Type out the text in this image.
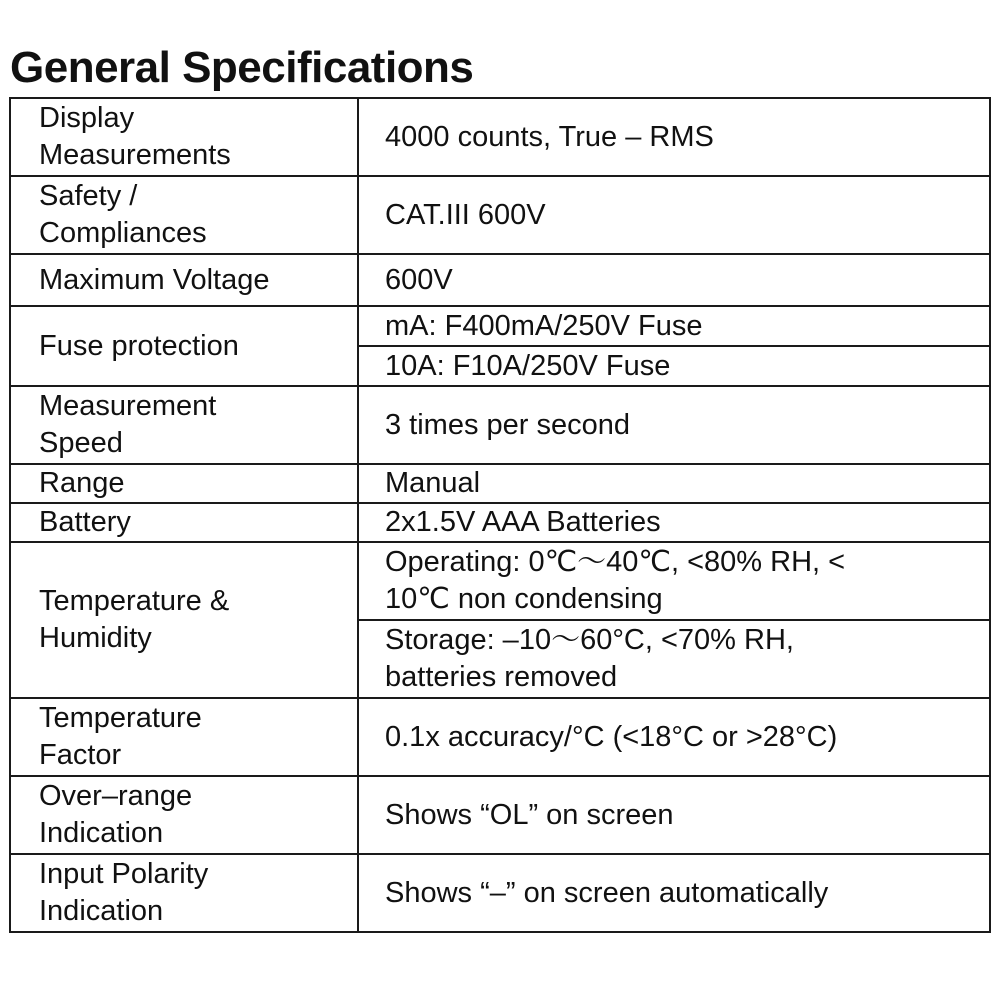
General Specifications
Display
Measurements	4000 counts, True – RMS
Safety /
Compliances	CAT.III 600V
Maximum Voltage	600V
Fuse protection	mA: F400mA/250V Fuse
	10A: F10A/250V Fuse
Measurement
Speed	3 times per second
Range	Manual
Battery	2x1.5V AAA Batteries
Temperature &
Humidity	Operating: 0℃～40℃, <80% RH, <
10℃ non condensing
	Storage: –10～60°C, <70% RH,
batteries removed
Temperature
Factor	0.1x accuracy/°C (<18°C or >28°C)
Over–range
Indication	Shows “OL” on screen
Input Polarity
Indication	Shows “–” on screen automatically
